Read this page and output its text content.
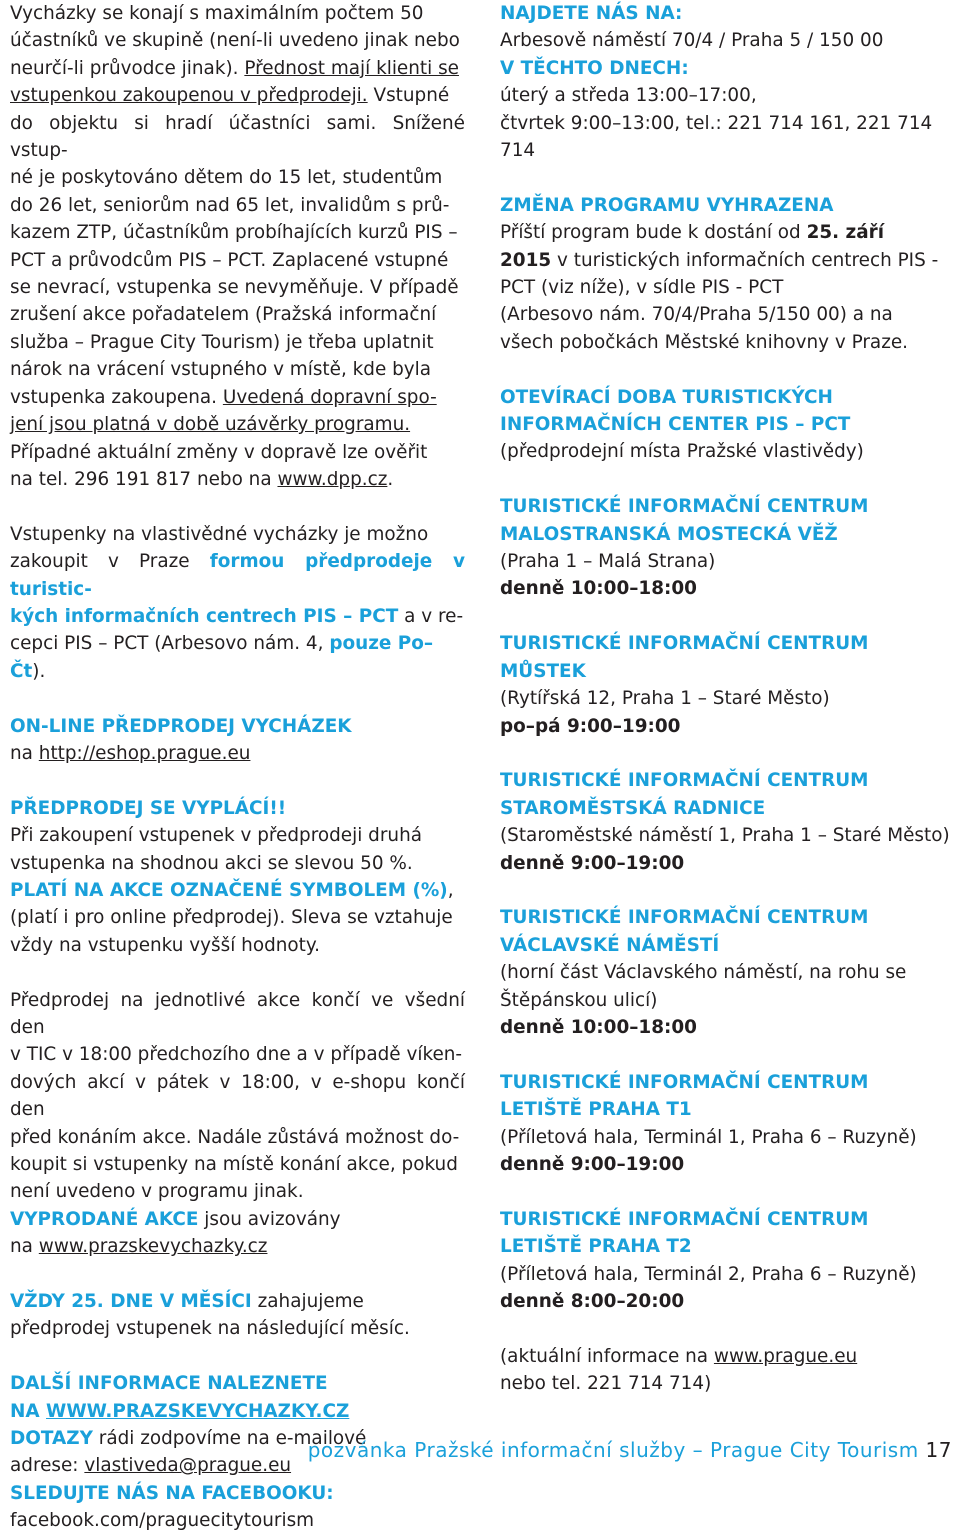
Vycházky se konají s maximálním počtem 50

účastníků ve skupině (není-li uvedeno jinak nebo

neurčí-li průvodce jinak). Přednost mají klienti se

vstupenkou zakoupenou v předprodeji. Vstupné

do objektu si hradí účastníci sami. Snížené vstup-

né je poskytováno dětem do 15 let, studentům

do 26 let, seniorům nad 65 let, invalidům s prů-

kazem ZTP, účastníkům probíhajících kurzů PIS –

PCT a průvodcům PIS – PCT. Zaplacené vstupné

se nevrací, vstupenka se nevyměňuje. V případě

zrušení akce pořadatelem (Pražská informační

služba – Prague City Tourism) je třeba uplatnit

nárok na vrácení vstupného v místě, kde byla

vstupenka zakoupena. Uvedená dopravní spo-

jení jsou platná v době uzávěrky programu.

Případné aktuální změny v dopravě lze ověřit

na tel. 296 191 817 nebo na www.dpp.cz.

Vstupenky na vlastivědné vycházky je možno

zakoupit v Praze formou předprodeje v turistic-

kých informačních centrech PIS – PCT a v re-

cepci PIS – PCT (Arbesovo nám. 4, pouze Po–Čt).

ON-LINE PŘEDPRODEJ VYCHÁZEK

na http://eshop.prague.eu

PŘEDPRODEJ SE VYPLÁCÍ!!

Při zakoupení vstupenek v předprodeji druhá

vstupenka na shodnou akci se slevou 50 %.

PLATÍ NA AKCE OZNAČENÉ SYMBOLEM (%),

(platí i pro online předprodej). Sleva se vztahuje

vždy na vstupenku vyšší hodnoty.

Předprodej na jednotlivé akce končí ve všední den

v TIC v 18:00 předchozího dne a v případě víken-

dových akcí v pátek v 18:00, v e-shopu končí den

před konáním akce. Nadále zůstává možnost do-

koupit si vstupenky na místě konání akce, pokud

není uvedeno v programu jinak.

VYPRODANÉ AKCE jsou avizovány

na www.prazskevychazky.cz

VŽDY 25. DNE V MĚSÍCI zahajujeme

předprodej vstupenek na následující měsíc.

DALŠÍ INFORMACE NALEZNETE

NA WWW.PRAZSKEVYCHAZKY.CZ

DOTAZY rádi zodpovíme na e-mailové

adrese: vlastiveda@prague.eu

SLEDUJTE NÁS NA FACEBOOKU:

facebook.com/praguecitytourism

NAJDETE NÁS NA:

Arbesově náměstí 70/4 / Praha 5 / 150 00

V TĚCHTO DNECH:

úterý a středa 13:00–17:00,

čtvrtek 9:00–13:00, tel.: 221 714 161, 221 714 714

ZMĚNA PROGRAMU VYHRAZENA

Příští program bude k dostání od 25. září

2015 v turistických informačních centrech PIS -

PCT (viz níže), v sídle PIS - PCT

(Arbesovo nám. 70/4/Praha 5/150 00) a na

všech pobočkách Městské knihovny v Praze.

OTEVÍRACÍ DOBA TURISTICKÝCH

INFORMAČNÍCH CENTER PIS – PCT

(předprodejní místa Pražské vlastivědy)

TURISTICKÉ INFORMAČNÍ CENTRUM

MALOSTRANSKÁ MOSTECKÁ VĚŽ

(Praha 1 – Malá Strana)

denně 10:00–18:00

TURISTICKÉ INFORMAČNÍ CENTRUM

MŮSTEK

(Rytířská 12, Praha 1 – Staré Město)

po–pá 9:00–19:00

TURISTICKÉ INFORMAČNÍ CENTRUM

STAROMĚSTSKÁ RADNICE

(Staroměstské náměstí 1, Praha 1 – Staré Město)

denně 9:00–19:00

TURISTICKÉ INFORMAČNÍ CENTRUM

VÁCLAVSKÉ NÁMĚSTÍ

(horní část Václavského náměstí, na rohu se

Štěpánskou ulicí)

denně 10:00–18:00

TURISTICKÉ INFORMAČNÍ CENTRUM

LETIŠTĚ PRAHA T1

(Příletová hala, Terminál 1, Praha 6 – Ruzyně)

denně 9:00–19:00

TURISTICKÉ INFORMAČNÍ CENTRUM

LETIŠTĚ PRAHA T2

(Příletová hala, Terminál 2, Praha 6 – Ruzyně)

denně 8:00–20:00

(aktuální informace na www.prague.eu

nebo tel. 221 714 714)

pozvánka Pražské informační služby – Prague City Tourism 17
